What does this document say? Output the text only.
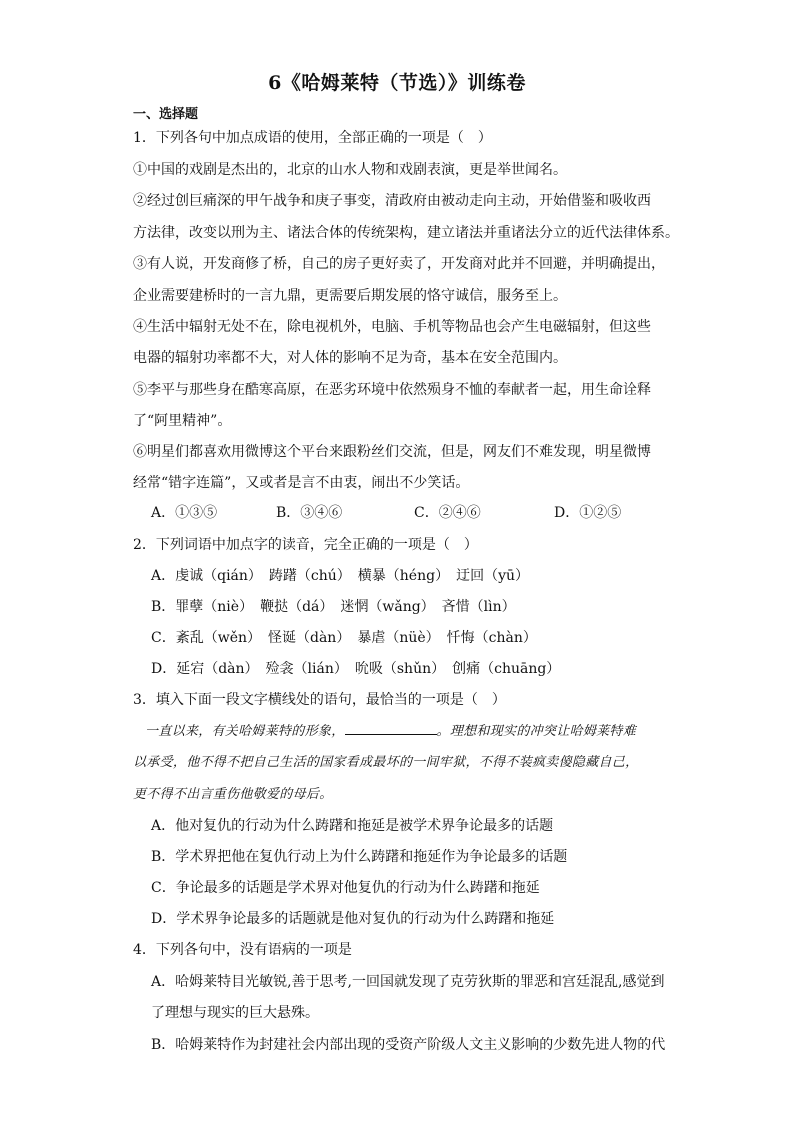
6《哈姆莱特（节选）》训练卷
一、选择题
1．下列各句中加点成语的使用，全部正确的一项是（　）
①中国的戏剧是杰出的，北京的山水人物和戏剧表演，更是举世闻名。
②经过创巨痛深的甲午战争和庚子事变，清政府由被动走向主动，开始借鉴和吸收西
方法律，改变以刑为主、诸法合体的传统架构，建立诸法并重诸法分立的近代法律体系。
③有人说，开发商修了桥，自己的房子更好卖了，开发商对此并不回避，并明确提出，
企业需要建桥时的一言九鼎，更需要后期发展的恪守诚信，服务至上。
④生活中辐射无处不在，除电视机外，电脑、手机等物品也会产生电磁辐射，但这些
电器的辐射功率都不大，对人体的影响不足为奇，基本在安全范围内。
⑤李平与那些身在酷寒高原，在恶劣环境中依然殒身不恤的奉献者一起，用生命诠释
了“阿里精神”。
⑥明星们都喜欢用微博这个平台来跟粉丝们交流，但是，网友们不难发现，明星微博
经常“错字连篇”，又或者是言不由衷，闹出不少笑话。
A．①③⑤	B．③④⑥	C．②④⑥	D．①②⑤
2．下列词语中加点字的读音，完全正确的一项是（　）
A．虔诚（qián）　踌躇（chú）　横暴（héng）　迂回（yū）
B．罪孽（niè）　鞭挞（dá）　迷惘（wǎng）　吝惜（lìn）
C．紊乱（wěn）　怪诞（dàn）　暴虐（nüè）　忏悔（chàn）
D．延宕（dàn）　殓衾（lián）　吮吸（shǔn）　创痛（chuāng）
3．填入下面一段文字横线处的语句，最恰当的一项是（　）
一直以来，有关哈姆莱特的形象，	。理想和现实的冲突让哈姆莱特难
以承受，他不得不把自己生活的国家看成最坏的一间牢狱，不得不装疯卖傻隐藏自己，
更不得不出言重伤他敬爱的母后。
A．他对复仇的行动为什么踌躇和拖延是被学术界争论最多的话题
B．学术界把他在复仇行动上为什么踌躇和拖延作为争论最多的话题
C．争论最多的话题是学术界对他复仇的行动为什么踌躇和拖延
D．学术界争论最多的话题就是他对复仇的行动为什么踌躇和拖延
4．下列各句中，没有语病的一项是
A．哈姆莱特目光敏锐,善于思考,一回国就发现了克劳狄斯的罪恶和宫廷混乱,感觉到
了理想与现实的巨大悬殊。
B．哈姆莱特作为封建社会内部出现的受资产阶级人文主义影响的少数先进人物的代
